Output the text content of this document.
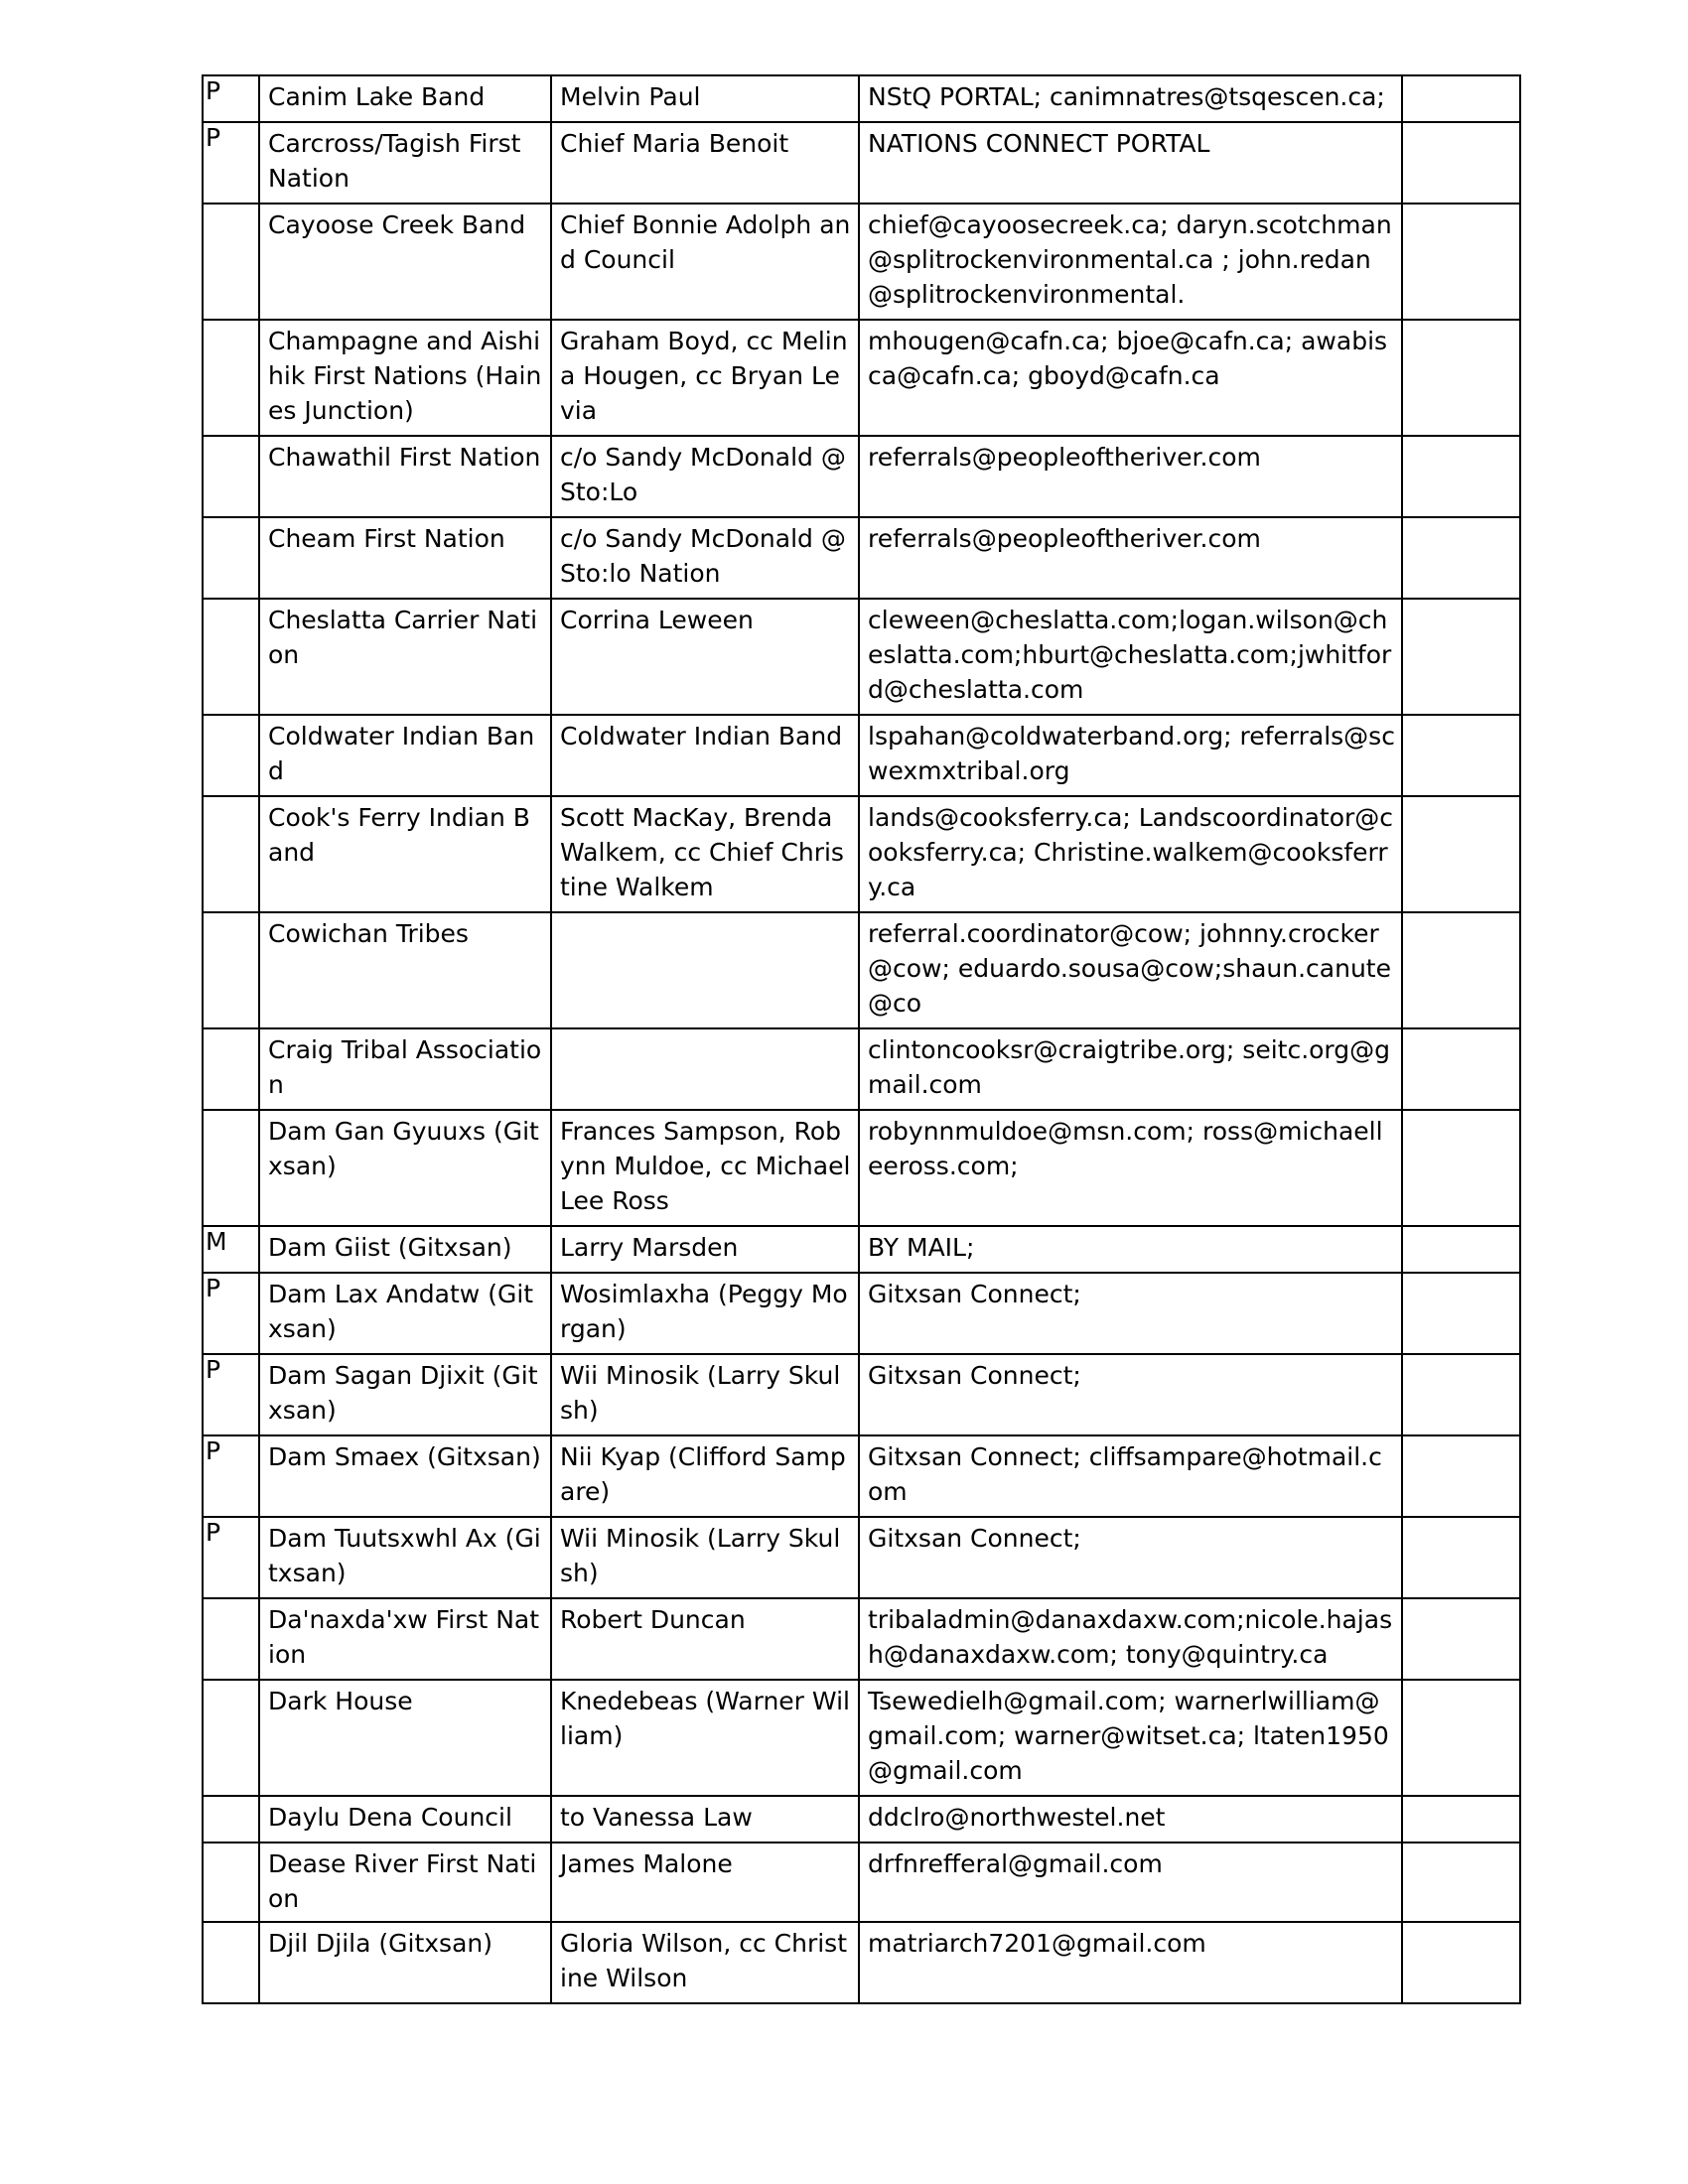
P	Canim Lake Band	Melvin Paul	NStQ PORTAL; canimnatres@tsqescen.ca;	
P	Carcross/Tagish First Nation	Chief Maria Benoit	NATIONS CONNECT PORTAL	
	Cayoose Creek Band	Chief Bonnie Adolph and Council	chief@cayoosecreek.ca; daryn.scotchman@splitrockenvironmental.ca ; john.redan@splitrockenvironmental.	
	Champagne and Aishihik First Nations (Haines Junction)	Graham Boyd, cc Melina Hougen, cc Bryan Levia	mhougen@cafn.ca; bjoe@cafn.ca; awabisca@cafn.ca; gboyd@cafn.ca	
	Chawathil First Nation	c/o Sandy McDonald @ Sto:Lo	referrals@peopleoftheriver.com	
	Cheam First Nation	c/o Sandy McDonald @ Sto:lo Nation	referrals@peopleoftheriver.com	
	Cheslatta Carrier Nation	Corrina Leween	cleween@cheslatta.com;logan.wilson@cheslatta.com;hburt@cheslatta.com;jwhitford@cheslatta.com	
	Coldwater Indian Band	Coldwater Indian Band	lspahan@coldwaterband.org; referrals@scwexmxtribal.org	
	Cook's Ferry Indian Band	Scott MacKay, Brenda Walkem, cc Chief Christine Walkem	lands@cooksferry.ca; Landscoordinator@cooksferry.ca; Christine.walkem@cooksferry.ca	
	Cowichan Tribes		referral.coordinator@cow; johnny.crocker@cow; eduardo.sousa@cow;shaun.canute@co	
	Craig Tribal Association		clintoncooksr@craigtribe.org; seitc.org@gmail.com	
	Dam Gan Gyuuxs (Gitxsan)	Frances Sampson, Robynn Muldoe, cc Michael Lee Ross	robynnmuldoe@msn.com; ross@michaelleeross.com;	
M	Dam Giist (Gitxsan)	Larry Marsden	BY MAIL;	
P	Dam Lax Andatw (Gitxsan)	Wosimlaxha (Peggy Morgan)	Gitxsan Connect;	
P	Dam Sagan Djixit (Gitxsan)	Wii Minosik (Larry Skulsh)	Gitxsan Connect;	
P	Dam Smaex (Gitxsan)	Nii Kyap (Clifford Sampare)	Gitxsan Connect; cliffsampare@hotmail.com	
P	Dam Tuutsxwhl Ax (Gitxsan)	Wii Minosik (Larry Skulsh)	Gitxsan Connect;	
	Da'naxda'xw First Nation	Robert Duncan	tribaladmin@danaxdaxw.com;nicole.hajash@danaxdaxw.com; tony@quintry.ca	
	Dark House	Knedebeas (Warner William)	Tsewedielh@gmail.com; warnerlwilliam@gmail.com; warner@witset.ca; ltaten1950@gmail.com	
	Daylu Dena Council	to Vanessa Law	ddclro@northwestel.net	
	Dease River First Nation	James Malone	drfnrefferal@gmail.com	
	Djil Djila (Gitxsan)	Gloria Wilson, cc Christine Wilson	matriarch7201@gmail.com	
